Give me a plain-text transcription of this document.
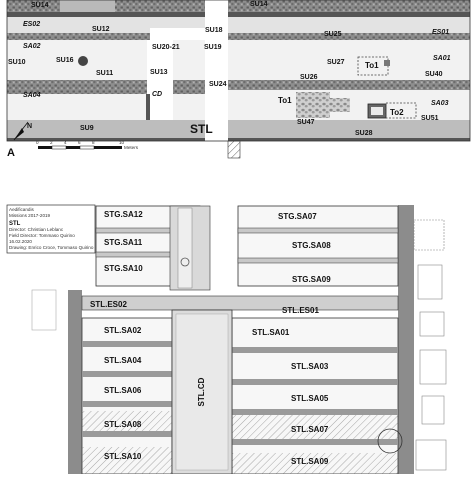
N
0 2 4 6 8	10
Meters
SU14	SU14
SU12
SU20-21
SU18
SU19
SU25
ES02
ES01
SA02
SA01
SU10	SU16
SU11	SU13
SU27	To1
SU26	SU40
SA04	CD
SU24
To1	SA03
To2
SU47
SU51
SU9
SU28
STL
A
Aedificandis
Missions 2017-2019
STL
Director: Christian Leblanc
Field Director: Tommaso Quirino
16.02.2020
Drawing: Enrico Croce, Tommaso Quirino
STG.SA12
STG.SA11
STG.SA10
STG.SA07
STG.SA08
STG.SA09
STL.ES02
STL.ES01
STL.SA02
STL.SA04
STL.SA06
STL.SA08
STL.SA10
STL.SA01
STL.SA03
STL.SA05
STL.SA07
STL.SA09
STL.CD
